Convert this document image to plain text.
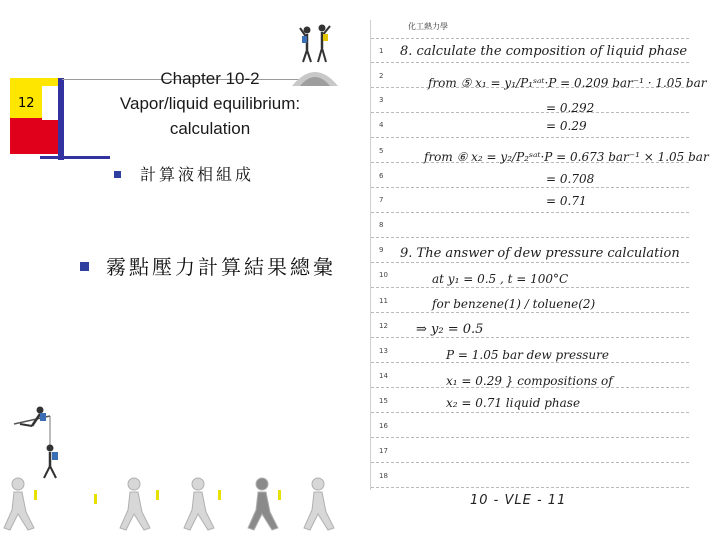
12
Chapter 10-2
Vapor/liquid equilibrium:
calculation
計算液相組成
霧點壓力計算結果總彙
1
2
3
4
5
6
7
8
9
10
11
12
13
14
15
16
17
18
化工熱力學
8. calculate the composition of liquid phase
from ⑤ x₁ = y₁/P₁ˢᵃᵗ·P = 0.209 bar⁻¹ · 1.05 bar
= 0.292
= 0.29
from ⑥ x₂ = y₂/P₂ˢᵃᵗ·P = 0.673 bar⁻¹ × 1.05 bar
= 0.708
= 0.71
9. The answer of dew pressure calculation
at y₁ = 0.5 , t = 100°C
for benzene(1) / toluene(2)
⇒ y₂ = 0.5
P = 1.05 bar dew pressure
x₁ = 0.29 } compositions of
x₂ = 0.71 liquid phase
10 - VLE - 11
